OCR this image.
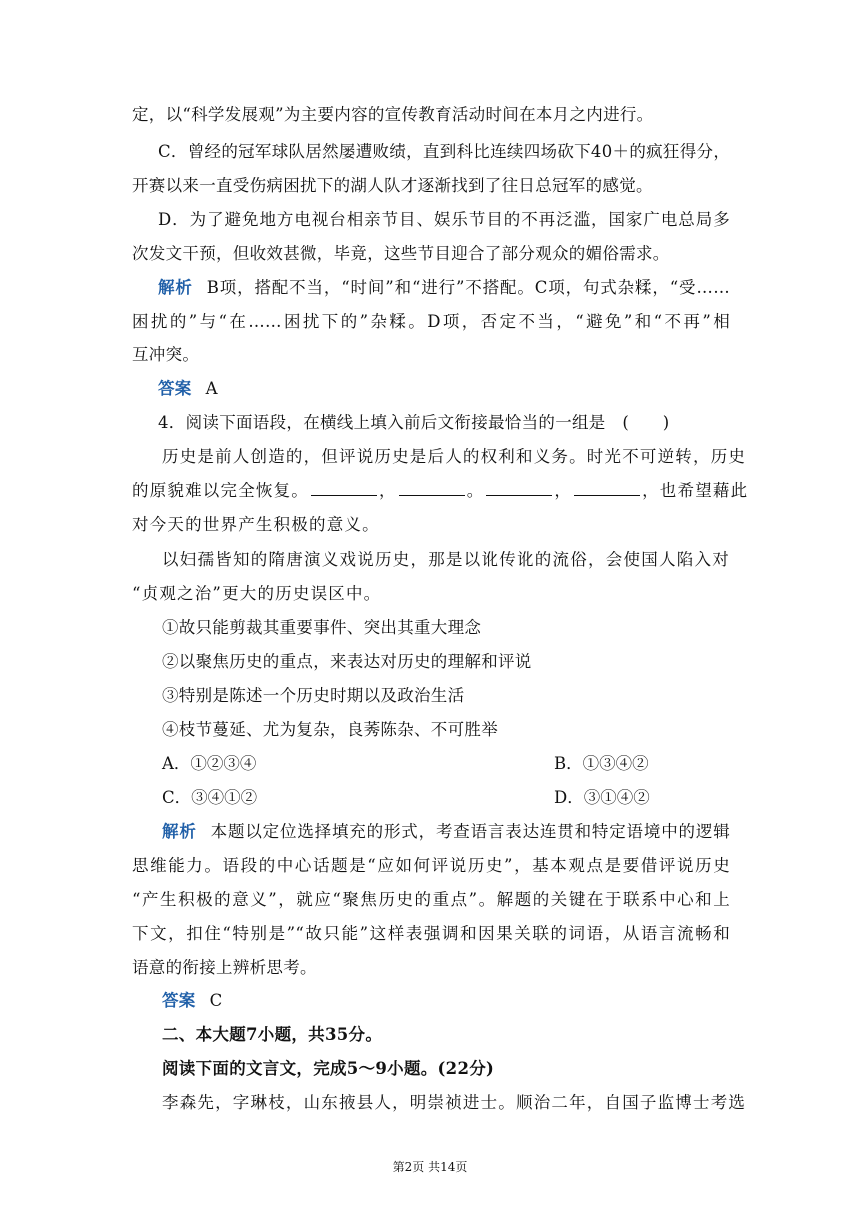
定，以“科学发展观”为主要内容的宣传教育活动时间在本月之内进行。
C．曾经的冠军球队居然屡遭败绩，直到科比连续四场砍下40＋的疯狂得分，
开赛以来一直受伤病困扰下的湖人队才逐渐找到了往日总冠军的感觉。
D．为了避免地方电视台相亲节目、娱乐节目的不再泛滥，国家广电总局多
次发文干预，但收效甚微，毕竟，这些节目迎合了部分观众的媚俗需求。
解析 B项，搭配不当，“时间”和“进行”不搭配。C项，句式杂糅，“受……
困扰的”与“在……困扰下的”杂糅。D项，否定不当，“避免”和“不再”相
互冲突。
答案 A
4．阅读下面语段，在横线上填入前后文衔接最恰当的一组是　(　　)
历史是前人创造的，但评说历史是后人的权利和义务。时光不可逆转，历史
的原貌难以完全恢复。	，	。	，	，也希望藉此
对今天的世界产生积极的意义。
以妇孺皆知的隋唐演义戏说历史，那是以讹传讹的流俗，会使国人陷入对
“贞观之治”更大的历史误区中。
①故只能剪裁其重要事件、突出其重大理念
②以聚焦历史的重点，来表达对历史的理解和评说
③特别是陈述一个历史时期以及政治生活
④枝节蔓延、尤为复杂，良莠陈杂、不可胜举
A．①②③④	B．①③④②
C．③④①②	D．③①④②
解析 本题以定位选择填充的形式，考查语言表达连贯和特定语境中的逻辑
思维能力。语段的中心话题是“应如何评说历史”，基本观点是要借评说历史
“产生积极的意义”，就应“聚焦历史的重点”。解题的关键在于联系中心和上
下文，扣住“特别是”“故只能”这样表强调和因果关联的词语，从语言流畅和
语意的衔接上辨析思考。
答案 C
二、本大题7小题，共35分。
阅读下面的文言文，完成5～9小题。(22分)
李森先，字琳枝，山东掖县人，明崇祯进士。顺治二年，自国子监博士考选
第2页 共14页
